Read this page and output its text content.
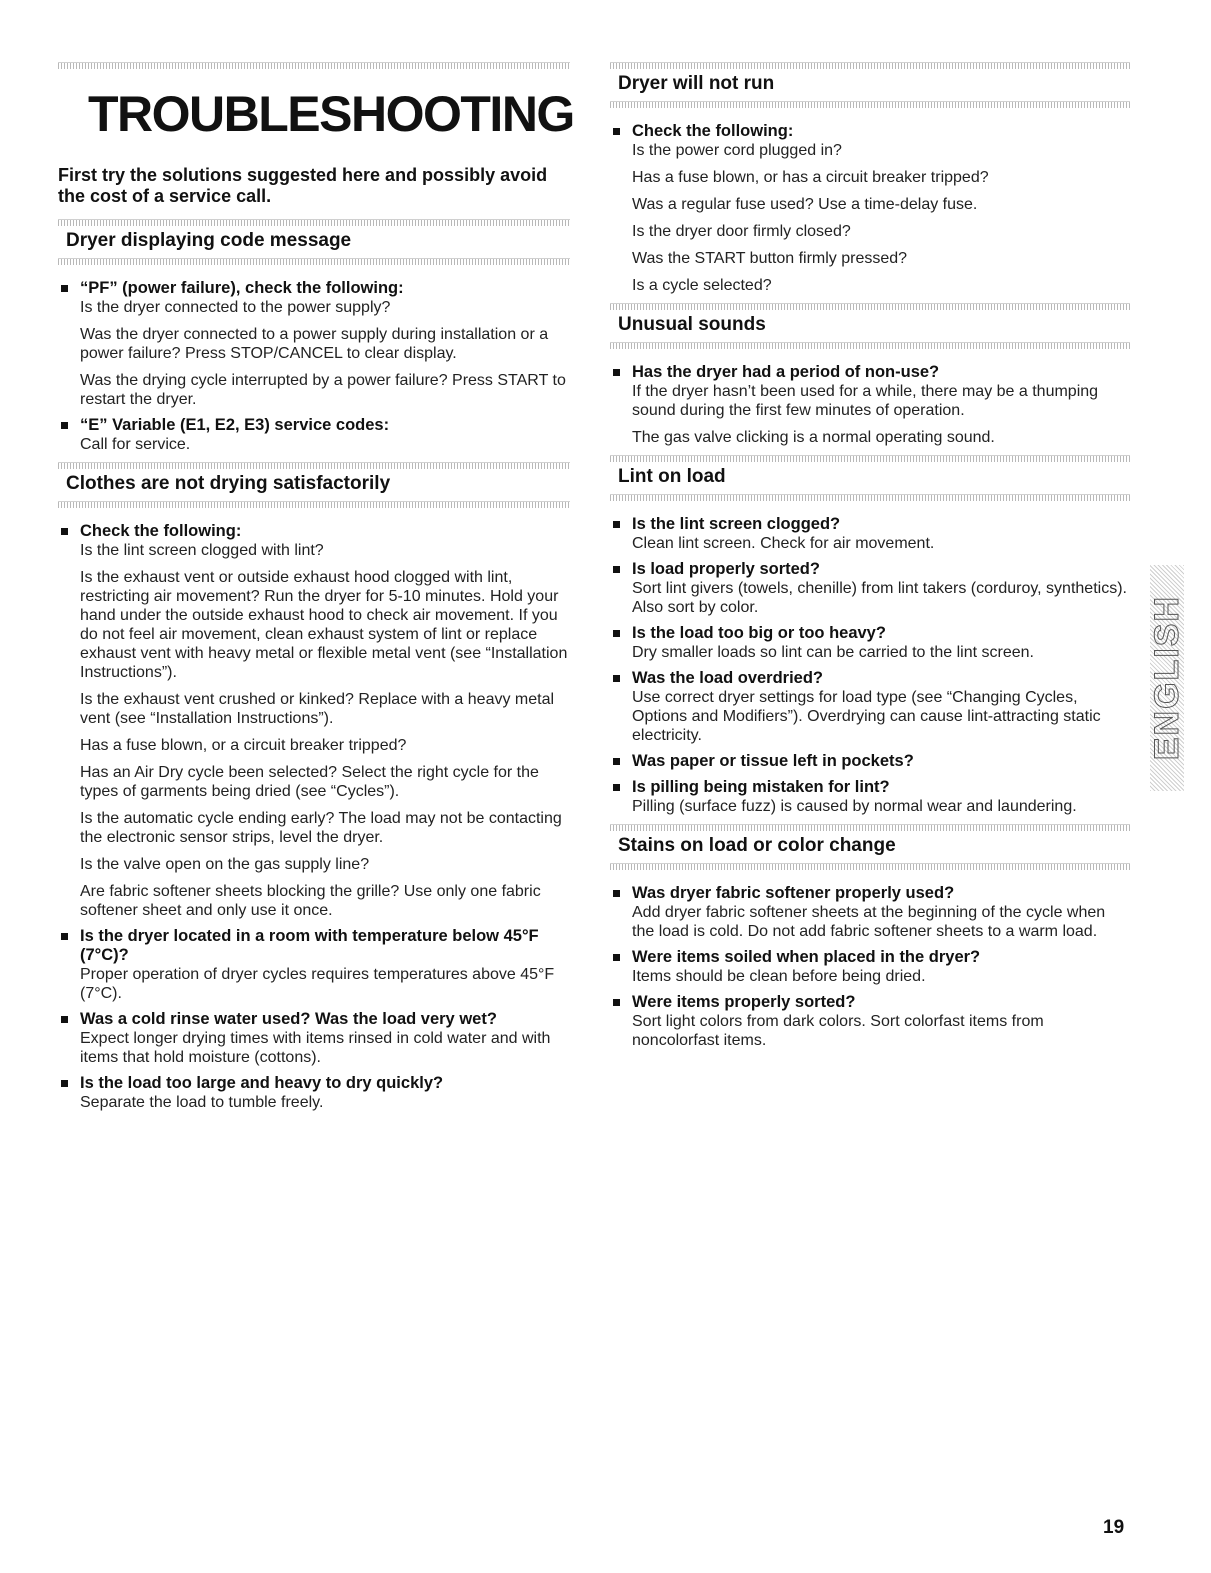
TROUBLESHOOTING
First try the solutions suggested here and possibly avoid the cost of a service call.
Dryer displaying code message
“PF” (power failure), check the following:

Is the dryer connected to the power supply?

Was the dryer connected to a power supply during installation or a power failure? Press STOP/CANCEL to clear display.

Was the drying cycle interrupted by a power failure? Press START to restart the dryer.

“E” Variable (E1, E2, E3) service codes:

Call for service.

Clothes are not drying satisfactorily
Check the following:

Is the lint screen clogged with lint?

Is the exhaust vent or outside exhaust hood clogged with lint, restricting air movement? Run the dryer for 5-10 minutes. Hold your hand under the outside exhaust hood to check air movement. If you do not feel air movement, clean exhaust system of lint or replace exhaust vent with heavy metal or flexible metal vent (see “Installation Instructions”).

Is the exhaust vent crushed or kinked? Replace with a heavy metal vent (see “Installation Instructions”).

Has a fuse blown, or a circuit breaker tripped?

Has an Air Dry cycle been selected? Select the right cycle for the types of garments being dried (see “Cycles”).

Is the automatic cycle ending early? The load may not be contacting the electronic sensor strips, level the dryer.

Is the valve open on the gas supply line?

Are fabric softener sheets blocking the grille? Use only one fabric softener sheet and only use it once.

Is the dryer located in a room with temperature below 45°F (7°C)?

Proper operation of dryer cycles requires temperatures above 45°F (7°C).

Was a cold rinse water used? Was the load very wet?

Expect longer drying times with items rinsed in cold water and with items that hold moisture (cottons).

Is the load too large and heavy to dry quickly?

Separate the load to tumble freely.

Dryer will not run
Check the following:

Is the power cord plugged in?

Has a fuse blown, or has a circuit breaker tripped?

Was a regular fuse used? Use a time-delay fuse.

Is the dryer door firmly closed?

Was the START button firmly pressed?

Is a cycle selected?

Unusual sounds
Has the dryer had a period of non-use?

If the dryer hasn’t been used for a while, there may be a thumping sound during the first few minutes of operation.

The gas valve clicking is a normal operating sound.

Lint on load
Is the lint screen clogged?

Clean lint screen. Check for air movement.

Is load properly sorted?

Sort lint givers (towels, chenille) from lint takers (corduroy, synthetics). Also sort by color.

Is the load too big or too heavy?

Dry smaller loads so lint can be carried to the lint screen.

Was the load overdried?

Use correct dryer settings for load type (see “Changing Cycles, Options and Modifiers”). Overdrying can cause lint-attracting static electricity.

Was paper or tissue left in pockets?
Is pilling being mistaken for lint?

Pilling (surface fuzz) is caused by normal wear and laundering.

Stains on load or color change
Was dryer fabric softener properly used?

Add dryer fabric softener sheets at the beginning of the cycle when the load is cold. Do not add fabric softener sheets to a warm load.

Were items soiled when placed in the dryer?

Items should be clean before being dried.

Were items properly sorted?

Sort light colors from dark colors. Sort colorfast items from noncolorfast items.

ENGLISH
19
